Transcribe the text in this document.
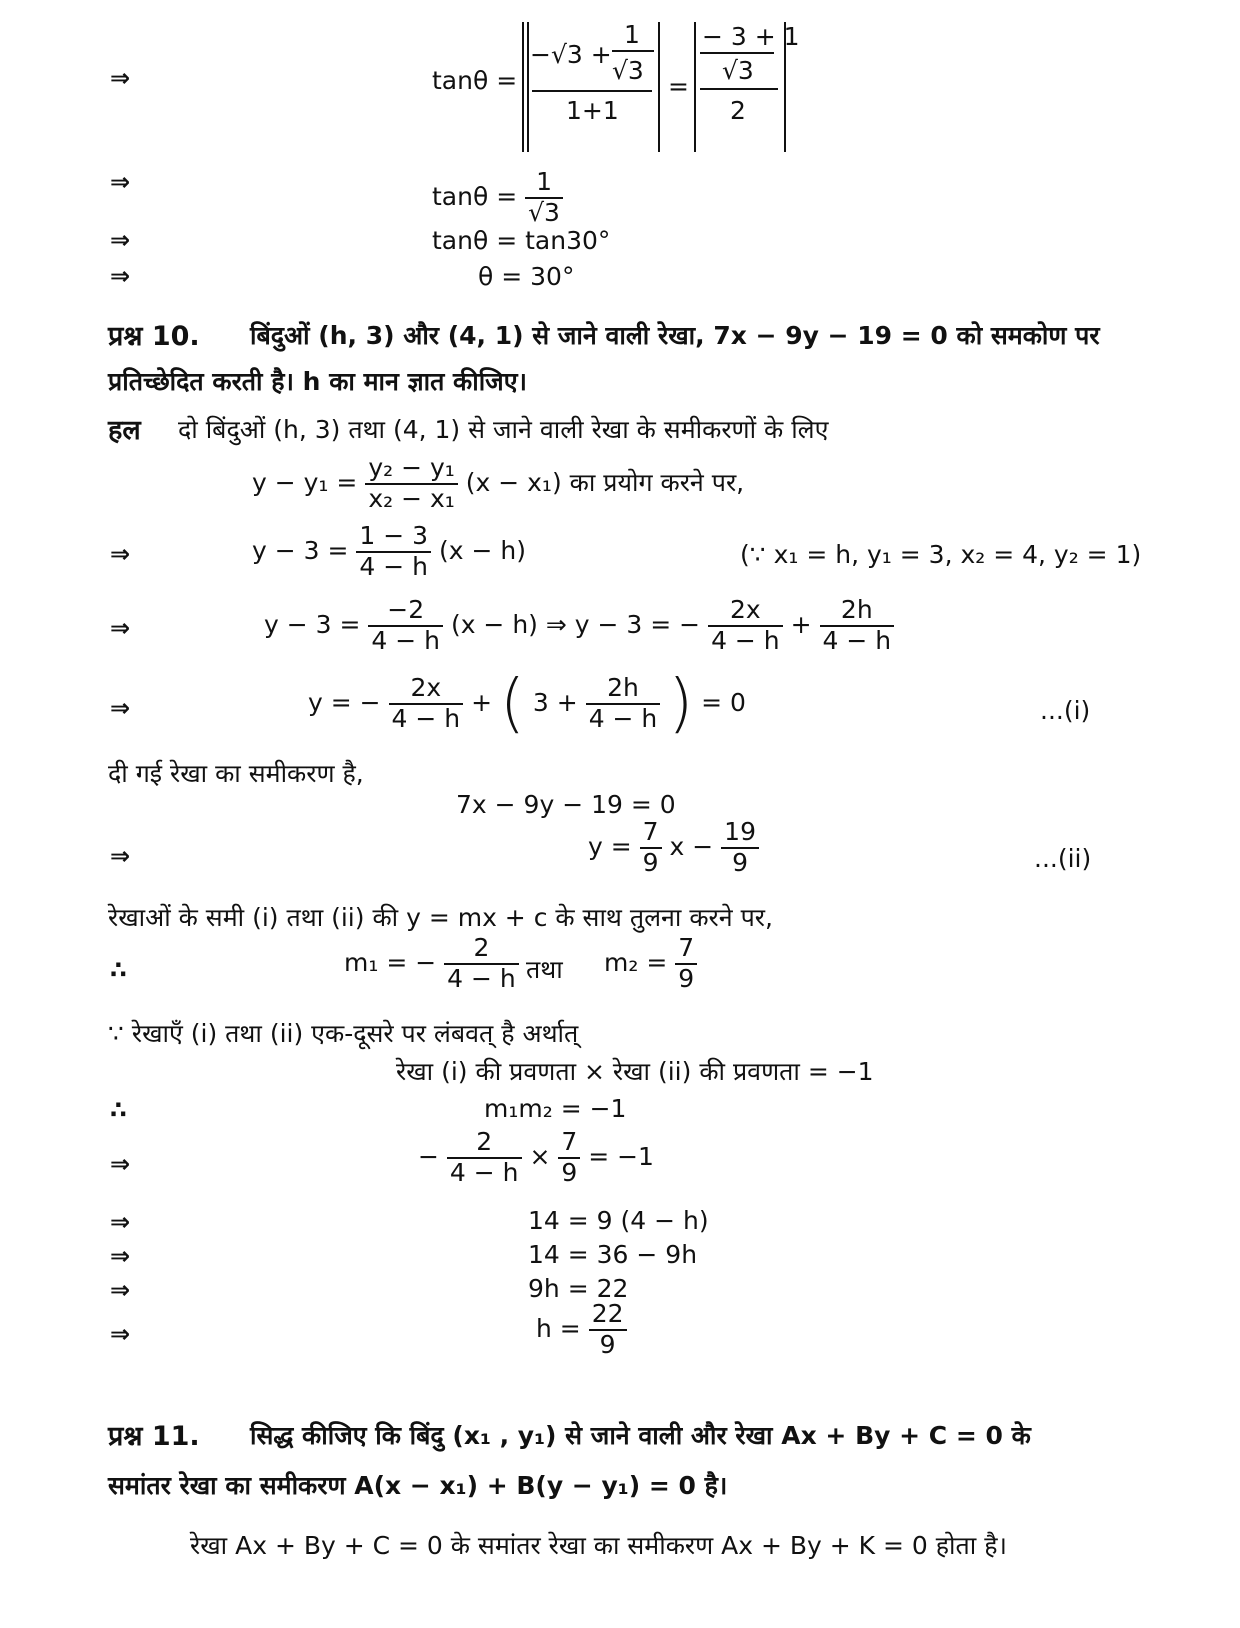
⇒	tanθ =
−√3 +
1
√3
1+1
=
− 3 + 1
√3
2
⇒	$\tan\theta = \frac{1}{√3}$
⇒	tanθ = tan30°
⇒	θ = 30°
प्रश्न 10. बिंदुओं (h, 3) और (4, 1) से जाने वाली रेखा, 7x − 9y − 19 = 0 को समकोण पर
प्रतिच्छेदित करती है। h का मान ज्ञात कीजिए।
हल दो बिंदुओं (h, 3) तथा (4, 1) से जाने वाली रेखा के समीकरणों के लिए
$y - y_1 = \frac{\text{y₂ − y₁}}{\text{x₂ − x₁}} (x - x_1)$ का प्रयोग करने पर,
⇒	$y - 3 = \frac{1 - 3}{4 - h} (x - h)$	(∵ x₁ = h, y₁ = 3, x₂ = 4, y₂ = 1)
⇒	$y - 3 = \frac{-2}{4 - h} (x - h)$ ⇒ y − 3 = − $\frac{2x}{4 - h} + \frac{2h}{4 - h}$
⇒	y = − $\frac{2x}{4 - h}$ + ( $3 + \frac{2h}{4 - h}$ ) = 0	...(i)
दी गई रेखा का समीकरण है,
7x − 9y − 19 = 0
⇒	$y = \frac{7}{9}$ $x - \frac{19}{9}$	...(ii)
रेखाओं के समी (i) तथा (ii) की y = mx + c के साथ तुलना करने पर,
∴	m₁ = − $\frac{2}{4 - h}$ तथा $m_2 = \frac{7}{9}$
∵ रेखाएँ (i) तथा (ii) एक-दूसरे पर लंबवत् है अर्थात्
रेखा (i) की प्रवणता × रेखा (ii) की प्रवणता = −1
∴	m₁m₂ = −1
⇒	− $\frac{2}{4 - h} \times \frac{7}{9} = -1$
⇒	14 = 9 (4 − h)
⇒	14 = 36 − 9h
⇒	9h = 22
⇒	$h = \frac{22}{9}$
प्रश्न 11. सिद्ध कीजिए कि बिंदु (x₁ , y₁) से जाने वाली और रेखा Ax + By + C = 0 के
समांतर रेखा का समीकरण A(x − x₁) + B(y − y₁) = 0 है।
रेखा Ax + By + C = 0 के समांतर रेखा का समीकरण Ax + By + K = 0 होता है।
